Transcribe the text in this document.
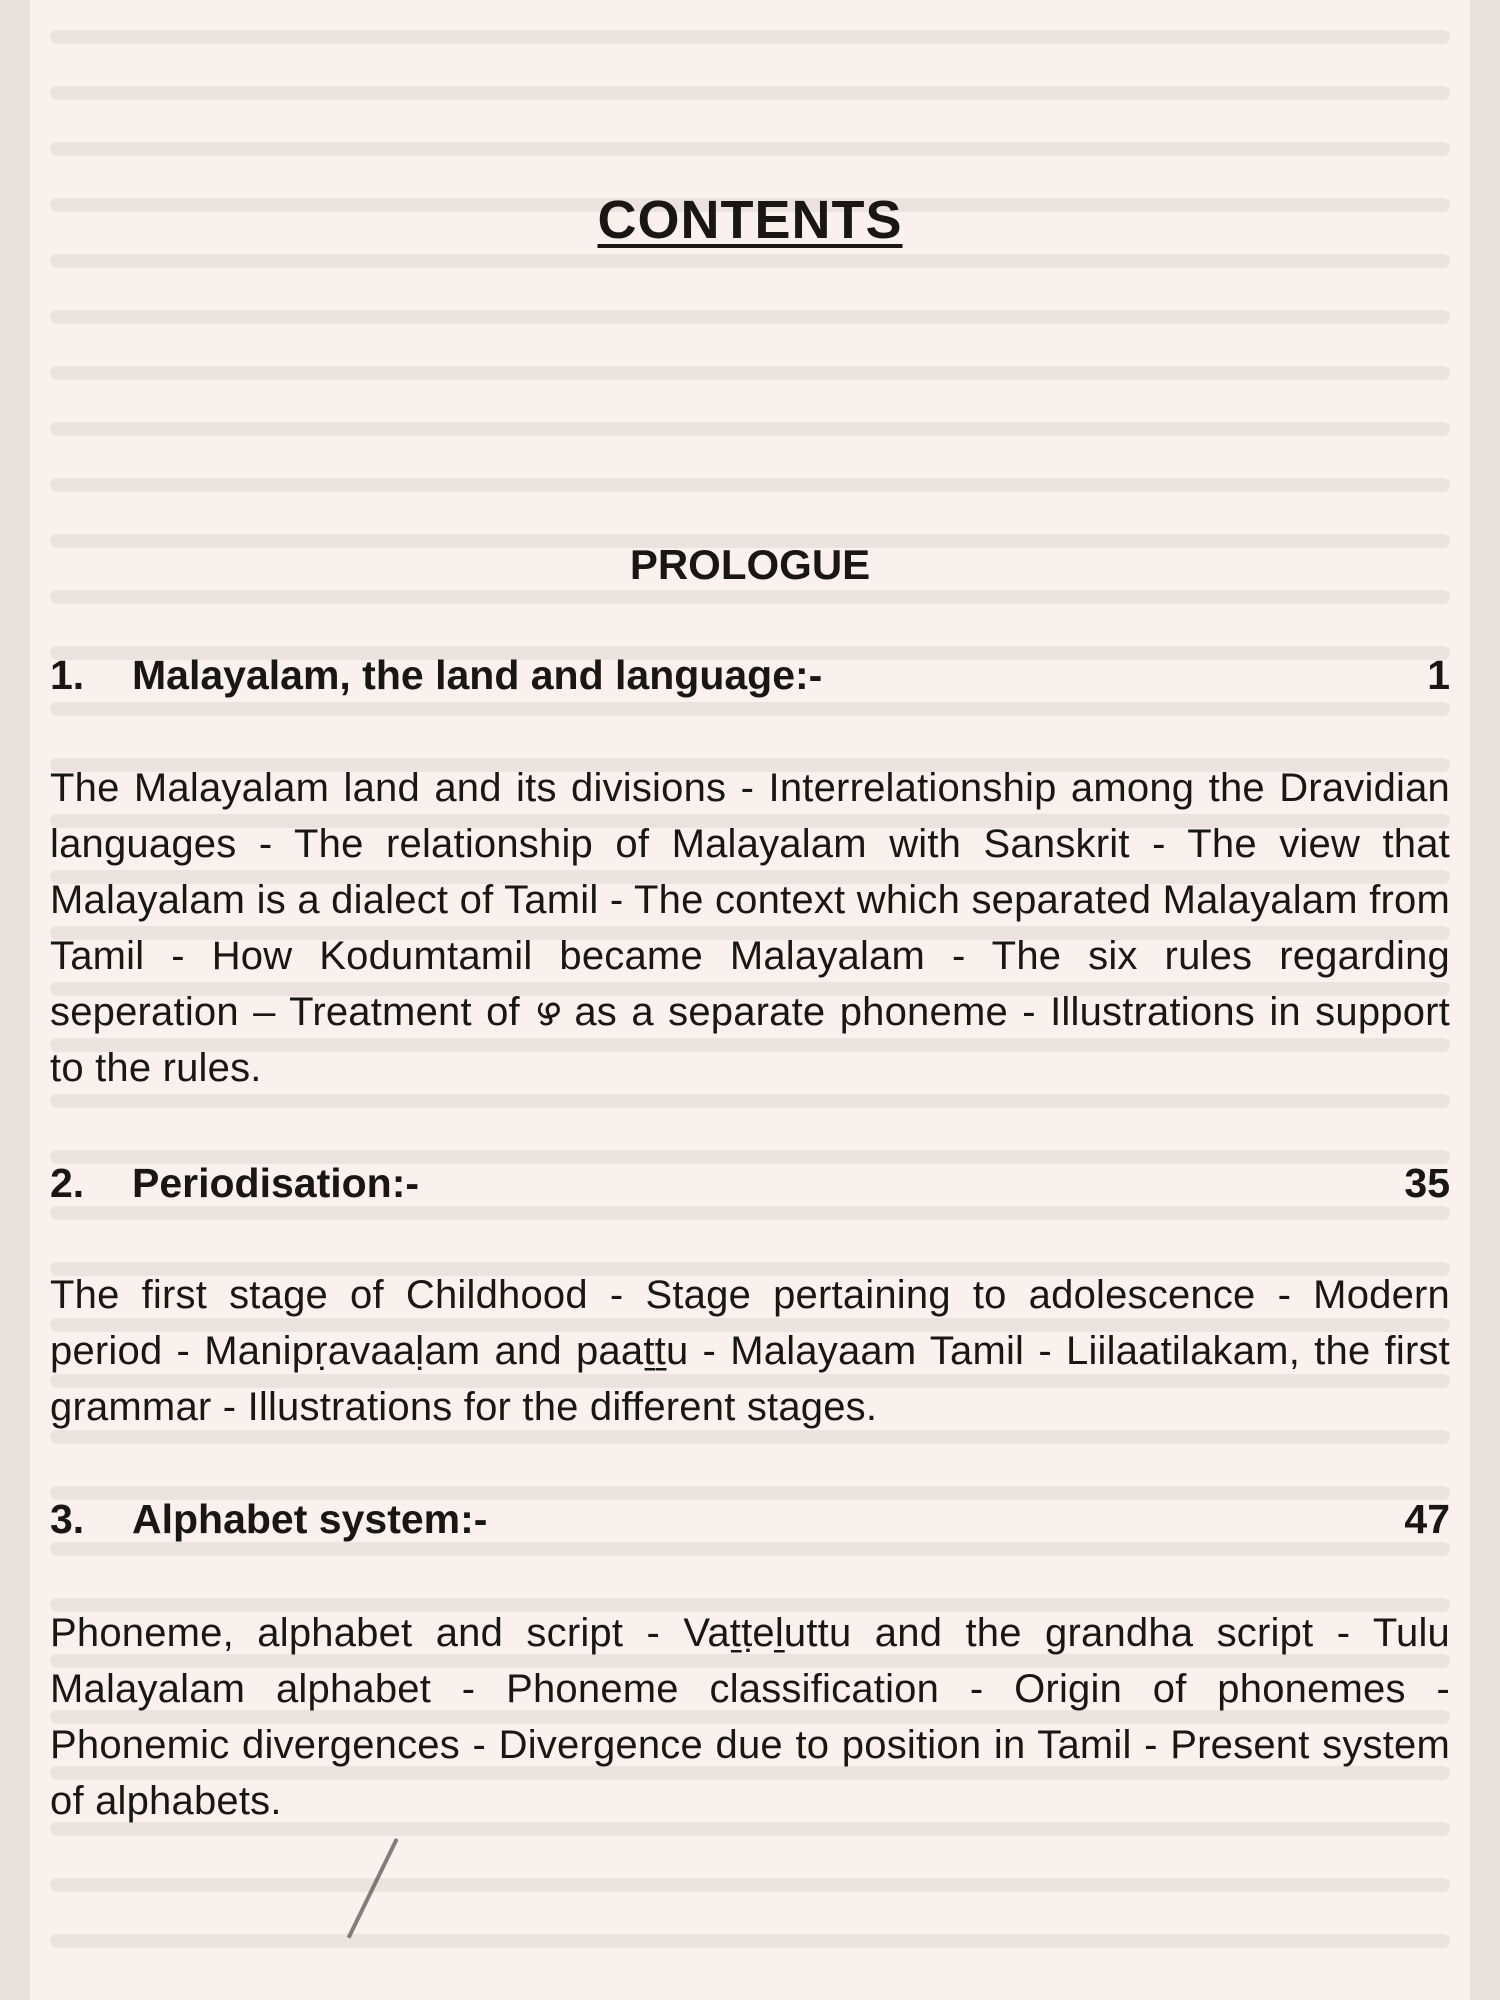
CONTENTS
PROLOGUE
1. Malayalam, the land and language:-	1
The Malayalam land and its divisions - Interrelationship among the Dravidian languages - The relationship of Malayalam with Sanskrit - The view that Malayalam is a dialect of Tamil - The context which separated Malayalam from Tamil - How Kodumtamil became Malayalam - The six rules regarding seperation – Treatment of ഴ as a separate phoneme - Illustrations in support to the rules.
2. Periodisation:-	35
The first stage of Childhood - Stage pertaining to adolescence - Modern period - Manipṛavaaḷam and paaṯṯu - Malayaam Tamil - Liilaatilakam, the first grammar - Illustrations for the different stages.
3. Alphabet system:-	47
Phoneme, alphabet and script - Vaṯṭeḻuttu and the grandha script - Tulu Malayalam alphabet - Phoneme classification - Origin of phonemes - Phonemic divergences - Divergence due to position in Tamil - Present system of alphabets.
